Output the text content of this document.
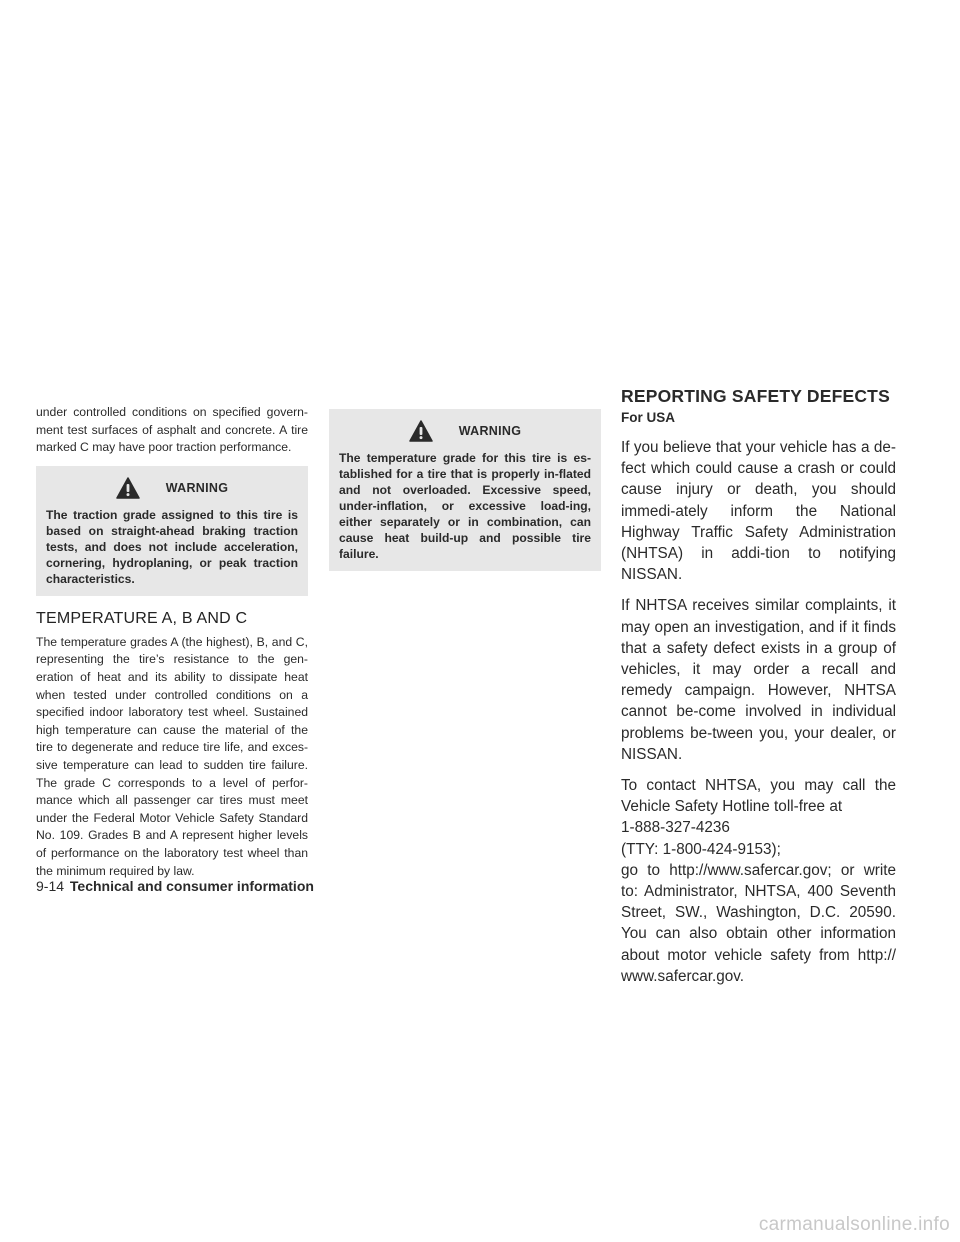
under controlled conditions on specified govern-ment test surfaces of asphalt and concrete. A tire marked C may have poor traction performance.

WARNING

The traction grade assigned to this tire is based on straight-ahead braking traction tests, and does not include acceleration, cornering, hydroplaning, or peak traction characteristics.

TEMPERATURE A, B AND C

The temperature grades A (the highest), B, and C, representing the tire’s resistance to the gen-eration of heat and its ability to dissipate heat when tested under controlled conditions on a specified indoor laboratory test wheel. Sustained high temperature can cause the material of the tire to degenerate and reduce tire life, and exces-sive temperature can lead to sudden tire failure. The grade C corresponds to a level of perfor-mance which all passenger car tires must meet under the Federal Motor Vehicle Safety Standard No. 109. Grades B and A represent higher levels of performance on the laboratory test wheel than the minimum required by law.

WARNING

The temperature grade for this tire is es-tablished for a tire that is properly in-flated and not overloaded. Excessive speed, under-inflation, or excessive load-ing, either separately or in combination, can cause heat build-up and possible tire failure.

REPORTING SAFETY DEFECTS
For USA

If you believe that your vehicle has a de-fect which could cause a crash or could cause injury or death, you should immedi-ately inform the National Highway Traffic Safety Administration (NHTSA) in addi-tion to notifying NISSAN.

If NHTSA receives similar complaints, it may open an investigation, and if it finds that a safety defect exists in a group of vehicles, it may order a recall and remedy campaign. However, NHTSA cannot be-come involved in individual problems be-tween you, your dealer, or NISSAN.

To contact NHTSA, you may call the Vehicle Safety Hotline toll-free at

1-888-327-4236

(TTY: 1-800-424-9153);

go to http://www.safercar.gov; or write to: Administrator, NHTSA, 400 Seventh Street, SW., Washington, D.C. 20590. You can also obtain other information about motor vehicle safety from http:// www.safercar.gov.

9-14 Technical and consumer information
carmanualsonline.info
